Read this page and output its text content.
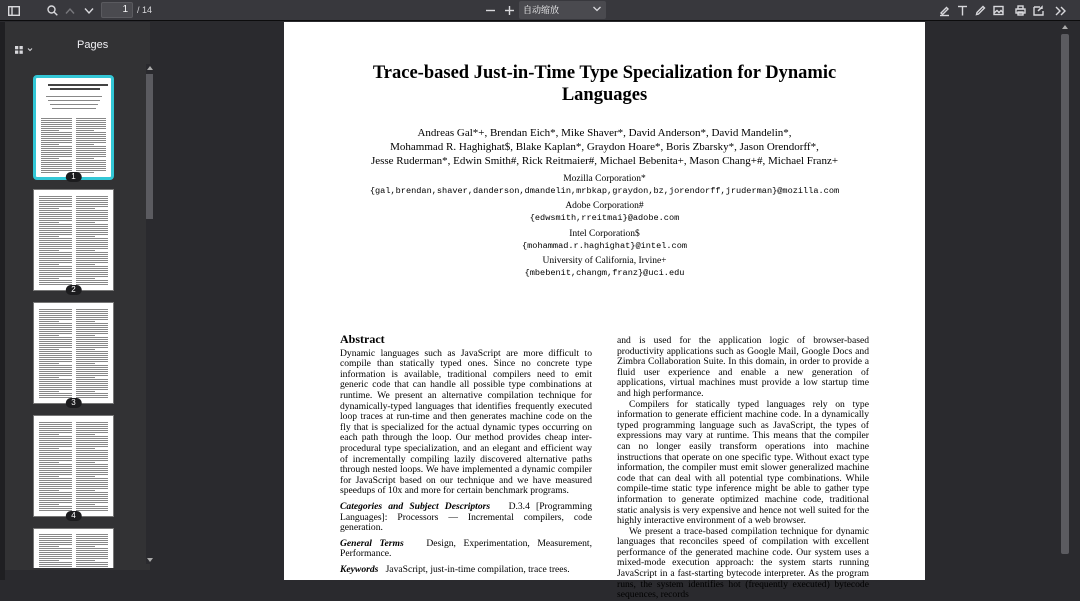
1	/ 14	自动缩放
Pages
1
2
3
4
Trace-based Just-in-Time Type Specialization for Dynamic
Languages
Andreas Gal*+, Brendan Eich*, Mike Shaver*, David Anderson*, David Mandelin*,
Mohammad R. Haghighat$, Blake Kaplan*, Graydon Hoare*, Boris Zbarsky*, Jason Orendorff*,
Jesse Ruderman*, Edwin Smith#, Rick Reitmaier#, Michael Bebenita+, Mason Chang+#, Michael Franz+
Mozilla Corporation*
{gal,brendan,shaver,danderson,dmandelin,mrbkap,graydon,bz,jorendorff,jruderman}@mozilla.com
Adobe Corporation#
{edwsmith,rreitmai}@adobe.com
Intel Corporation$
{mohammad.r.haghighat}@intel.com
University of California, Irvine+
{mbebenit,changm,franz}@uci.edu
Abstract
Dynamic languages such as JavaScript are more difficult to compile than statically typed ones. Since no concrete type information is available, traditional compilers need to emit generic code that can handle all possible type combinations at runtime. We present an alternative compilation technique for dynamically-typed languages that identifies frequently executed loop traces at run-time and then generates machine code on the fly that is specialized for the actual dynamic types occurring on each path through the loop. Our method provides cheap inter-procedural type specialization, and an elegant and efficient way of incrementally compiling lazily discovered alternative paths through nested loops. We have implemented a dynamic compiler for JavaScript based on our technique and we have measured speedups of 10x and more for certain benchmark programs.
Categories and Subject Descriptors D.3.4 [Programming Languages]: Processors — Incremental compilers, code generation.
General Terms Design, Experimentation, Measurement, Performance.
Keywords JavaScript, just-in-time compilation, trace trees.
and is used for the application logic of browser-based productivity applications such as Google Mail, Google Docs and Zimbra Collaboration Suite. In this domain, in order to provide a fluid user experience and enable a new generation of applications, virtual machines must provide a low startup time and high performance.
Compilers for statically typed languages rely on type information to generate efficient machine code. In a dynamically typed programming language such as JavaScript, the types of expressions may vary at runtime. This means that the compiler can no longer easily transform operations into machine instructions that operate on one specific type. Without exact type information, the compiler must emit slower generalized machine code that can deal with all potential type combinations. While compile-time static type inference might be able to gather type information to generate optimized machine code, traditional static analysis is very expensive and hence not well suited for the highly interactive environment of a web browser.
We present a trace-based compilation technique for dynamic languages that reconciles speed of compilation with excellent performance of the generated machine code. Our system uses a mixed-mode execution approach: the system starts running JavaScript in a fast-starting bytecode interpreter. As the program runs, the system identifies hot (frequently executed) bytecode sequences, records
